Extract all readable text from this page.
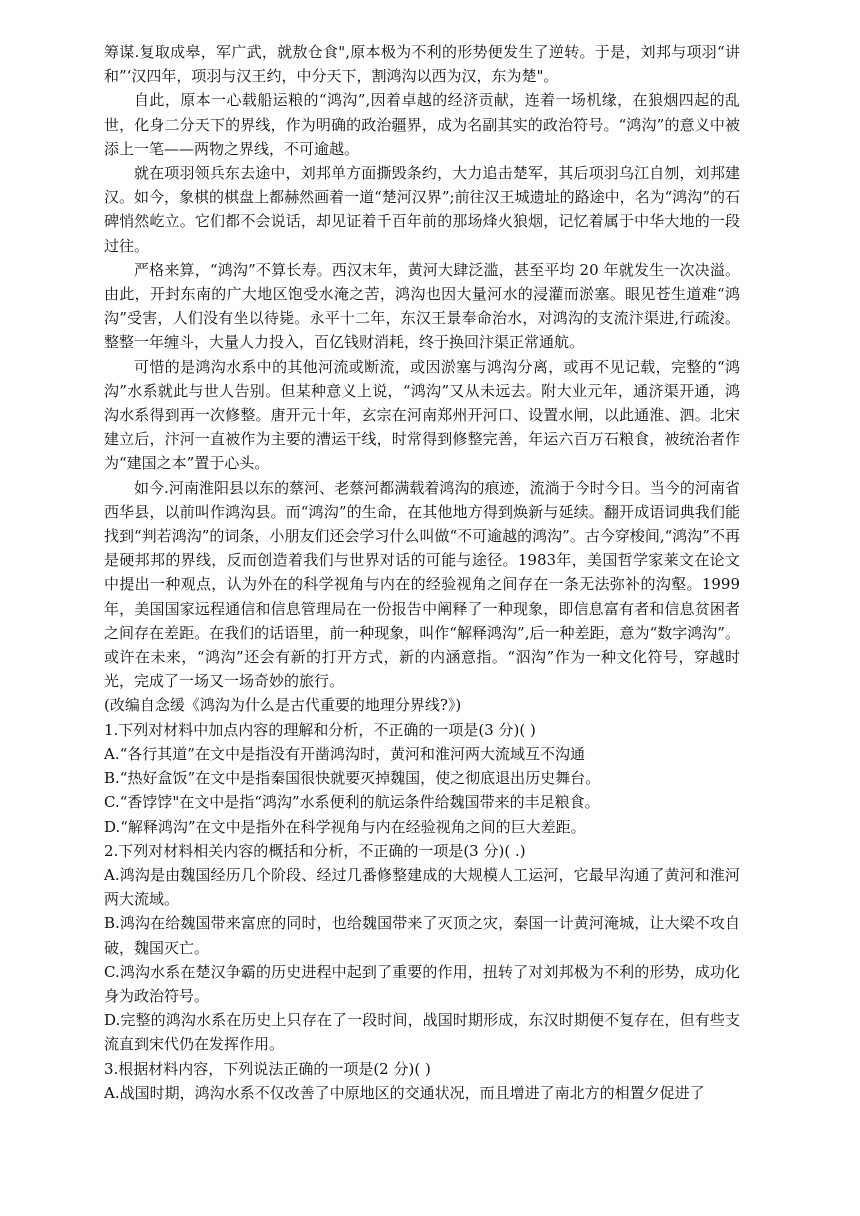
筹谋.复取成皋，军广武，就敖仓食",原本极为不利的形势便发生了逆转。于是，刘邦与项羽“讲和”‘汉四年，项羽与汉王约，中分天下，割鸿沟以西为汉，东为楚"。

自此，原本一心载船运粮的“鸿沟”,因着卓越的经济贡献，连着一场机缘，在狼烟四起的乱世，化身二分天下的界线，作为明确的政治疆界，成为名副其实的政治符号。“鸿沟”的意义中被添上一笔——两物之界线，不可逾越。

就在项羽领兵东去途中，刘邦单方面撕毁条约，大力追击楚军，其后项羽乌江自刎，刘邦建汉。如今，象棋的棋盘上都赫然画着一道“楚河汉界”;前往汉王城遗址的路途中，名为“鸿沟”的石碑悄然屹立。它们都不会说话，却见证着千百年前的那场烽火狼烟，记忆着属于中华大地的一段过往。

严格来算，“鸿沟”不算长寿。西汉末年，黄河大肆泛滥，甚至平均 20 年就发生一次决溢。由此，开封东南的广大地区饱受水淹之苦，鸿沟也因大量河水的浸灌而淤塞。眼见苍生道难“鸿沟”受害，人们没有坐以待毙。永平十二年，东汉王景奉命治水，对鸿沟的支流汴渠进,行疏浚。整整一年缠斗，大量人力投入，百亿钱财消耗，终于换回汴渠正常通航。

可惜的是鸿沟水系中的其他河流或断流，或因淤塞与鸿沟分离，或再不见记载，完整的“鸿沟”水系就此与世人告别。但某种意义上说，“鸿沟”又从未远去。附大业元年，通济渠开通，鸿沟水系得到再一次修整。唐开元十年，玄宗在河南郑州开河口、设置水闸，以此通淮、泗。北宋建立后，汴河一直被作为主要的漕运干线，时常得到修整完善，年运六百万石粮食，被统治者作为“建国之本”置于心头。

如今.河南淮阳县以东的蔡河、老蔡河都满载着鸿沟的痕迹，流淌于今时今日。当今的河南省西华县，以前叫作鸿沟县。而“鸿沟”的生命，在其他地方得到焕新与延续。翻开成语词典我们能找到“判若鸿沟”的词条，小朋友们还会学习什么叫做“不可逾越的鸿沟”。古今穿梭间,“鸿沟”不再是硬邦邦的界线，反而创造着我们与世界对话的可能与途径。1983年，美国哲学家莱文在论文中提出一种观点，认为外在的科学视角与内在的经验视角之间存在一条无法弥补的沟壑。1999 年，美国国家远程通信和信息管理局在一份报告中阐释了一种现象，即信息富有者和信息贫困者之间存在差距。在我们的话语里，前一种现象，叫作“解释鸿沟”,后一种差距，意为“数字鸿沟”。或许在未来，“鸿沟”还会有新的打开方式，新的内涵意指。“泅沟”作为一种文化符号，穿越时光，完成了一场又一场奇妙的旅行。

(改编自念缓《鸿沟为什么是古代重要的地理分界线?》)

1.下列对材料中加点内容的理解和分析，不正确的一项是(3 分)( )

A.“各行其道”在文中是指没有开凿鸿沟时，黄河和淮河两大流域互不沟通

B.“热好盒饭”在文中是指秦国很快就要灭掉魏国，使之彻底退出历史舞台。

C.“香饽饽"在文中是指“鸿沟”水系便利的航运条件给魏国带来的丰足粮食。

D.“解释鸿沟”在文中是指外在科学视角与内在经验视角之间的巨大差距。

2.下列对材料相关内容的概括和分析，不正确的一项是(3 分)( .)

A.鸿沟是由魏国经历几个阶段、经过几番修整建成的大规模人工运河，它最早沟通了黄河和淮河两大流域。

B.鸿沟在给魏国带来富庶的同时，也给魏国带来了灭顶之灾，秦国一计黄河淹城，让大梁不攻自破，魏国灭亡。

C.鸿沟水系在楚汉争霸的历史进程中起到了重要的作用，扭转了对刘邦极为不利的形势，成功化身为政治符号。

D.完整的鸿沟水系在历史上只存在了一段时间，战国时期形成，东汉时期便不复存在，但有些支流直到宋代仍在发挥作用。

3.根据材料内容，下列说法正确的一项是(2 分)( )

A.战国时期，鸿沟水系不仅改善了中原地区的交通状况，而且增进了南北方的相置夕促进了
